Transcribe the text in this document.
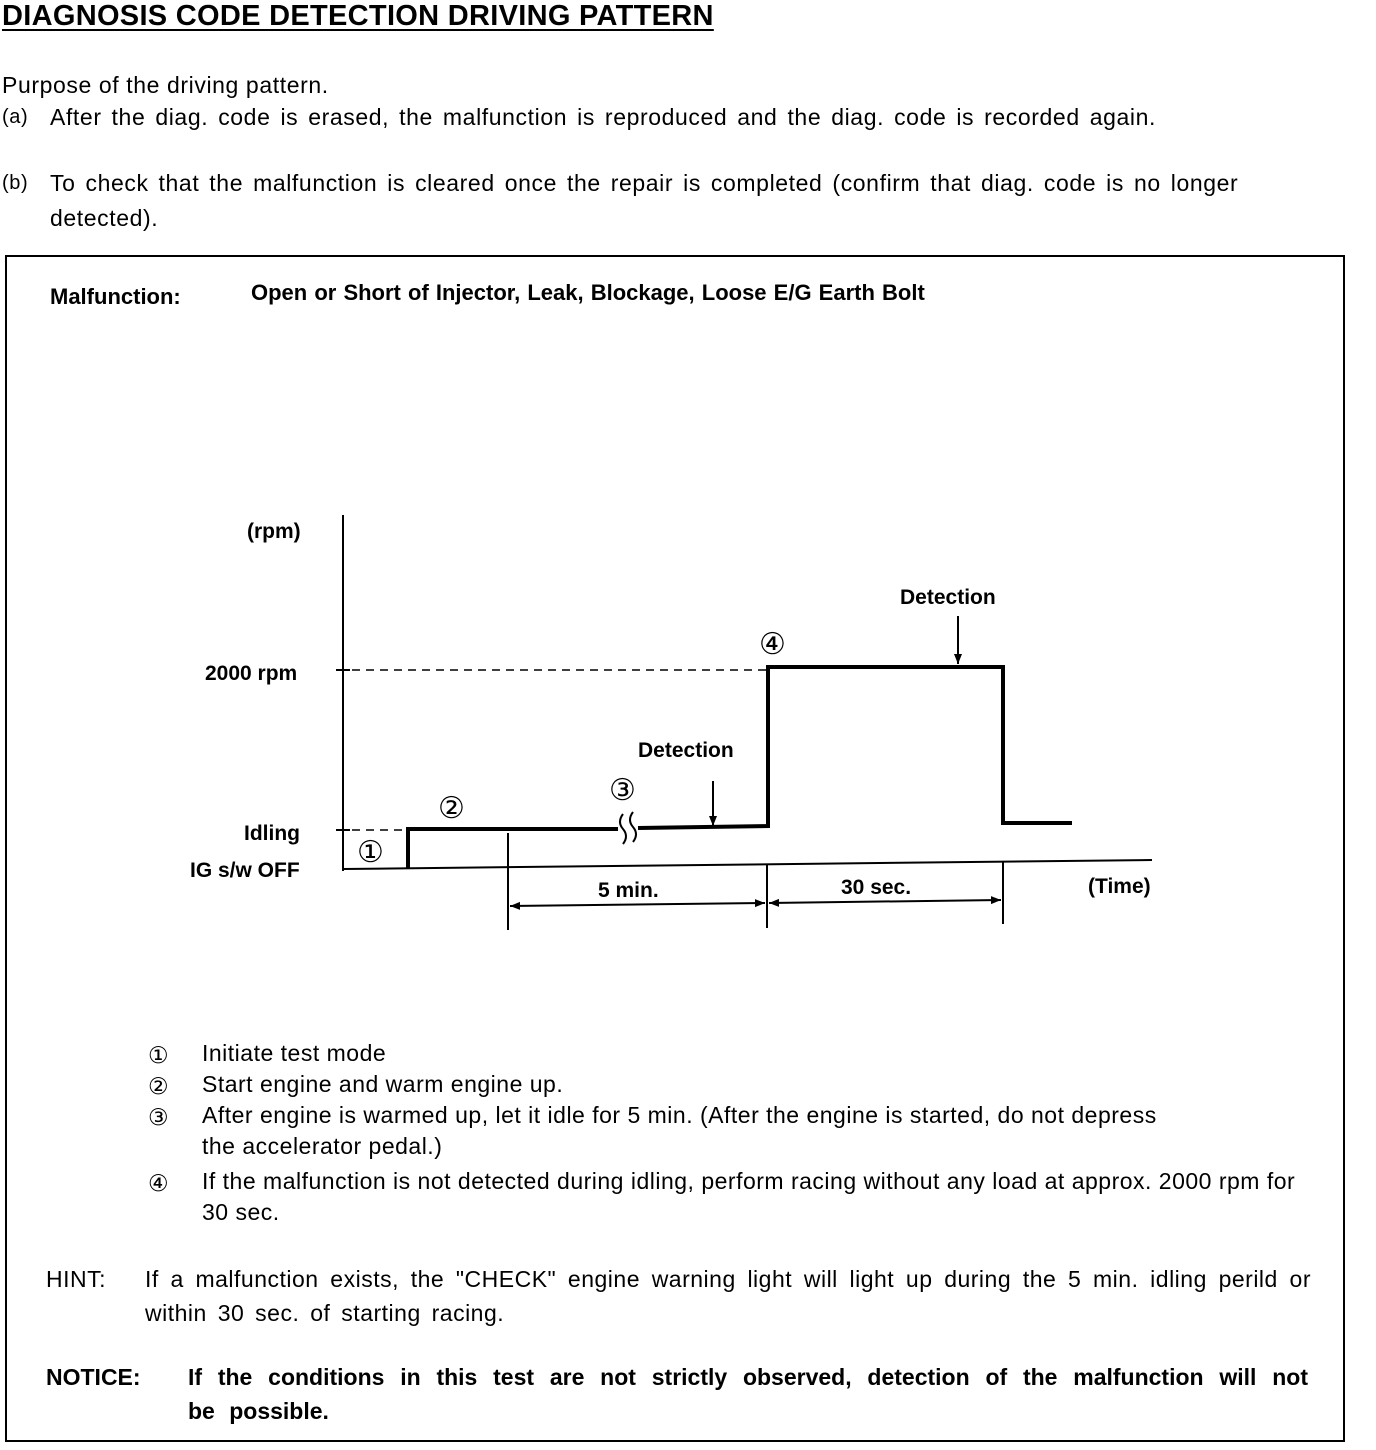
DIAGNOSIS CODE DETECTION DRIVING PATTERN
Purpose of the driving pattern.
(a) After the diag. code is erased, the malfunction is reproduced and the diag. code is recorded again.
(b) To check that the malfunction is cleared once the repair is completed (confirm that diag. code is no longer detected).
Malfunction:	Open or Short of Injector, Leak, Blockage, Loose E/G Earth Bolt
(rpm)
2000 rpm
Idling
IG s/w OFF
(Time)
5 min.	30 sec.
Detection
Detection
①
②
③
④
① Initiate test mode
② Start engine and warm engine up.
③ After engine is warmed up, let it idle for 5 min. (After the engine is started, do not depress the accelerator pedal.)
④ If the malfunction is not detected during idling, perform racing without any load at approx. 2000 rpm for 30 sec.
HINT: If a malfunction exists, the "CHECK" engine warning light will light up during the 5 min. idling perild or within 30 sec. of starting racing.
NOTICE: If the conditions in this test are not strictly observed, detection of the malfunction will not be possible.
